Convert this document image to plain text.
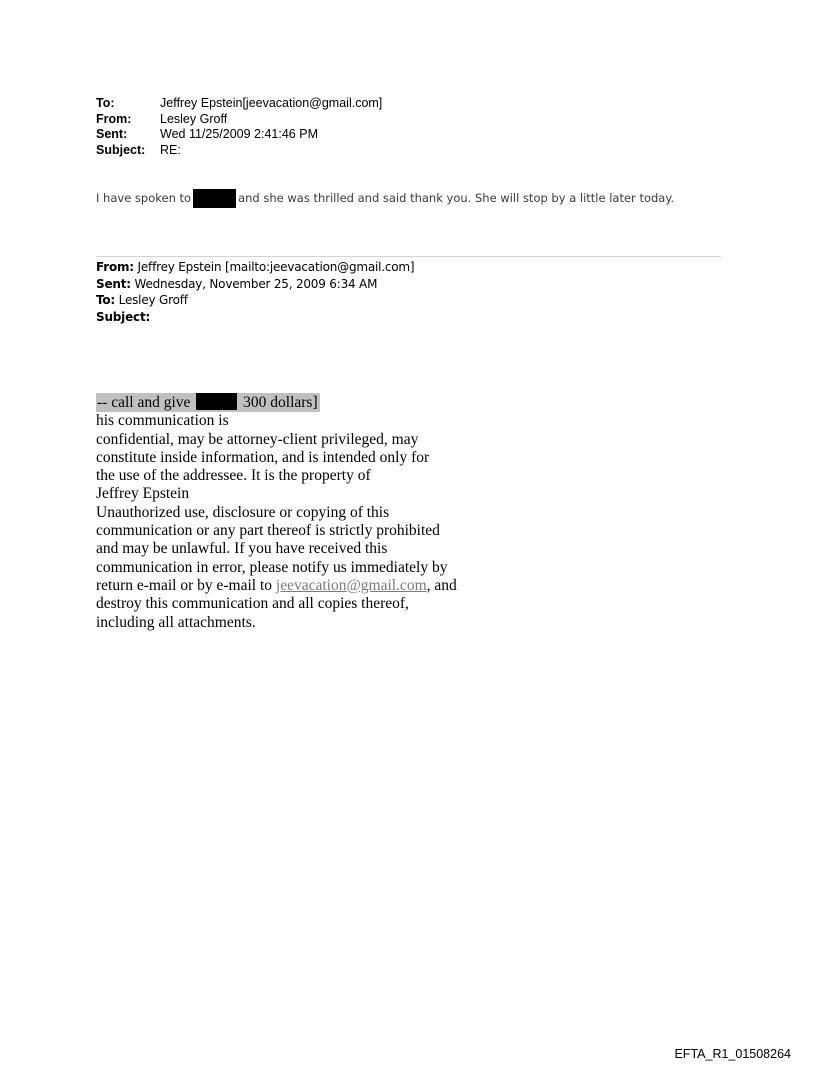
To:	Jeffrey Epstein[jeevacation@gmail.com]
From:	Lesley Groff
Sent:	Wed 11/25/2009 2:41:46 PM
Subject:	RE:
I have spoken to	and she was thrilled and said thank you. She will stop by a little later today.
From: Jeffrey Epstein [mailto:jeevacation@gmail.com]
Sent: Wednesday, November 25, 2009 6:34 AM
To: Lesley Groff
Subject:
-- call and give	300 dollars]
his communication is
confidential, may be attorney-client privileged, may
constitute inside information, and is intended only for
the use of the addressee. It is the property of
Jeffrey Epstein
Unauthorized use, disclosure or copying of this
communication or any part thereof is strictly prohibited
and may be unlawful. If you have received this
communication in error, please notify us immediately by
return e-mail or by e-mail to jeevacation@gmail.com, and
destroy this communication and all copies thereof,
including all attachments.
EFTA_R1_01508264
